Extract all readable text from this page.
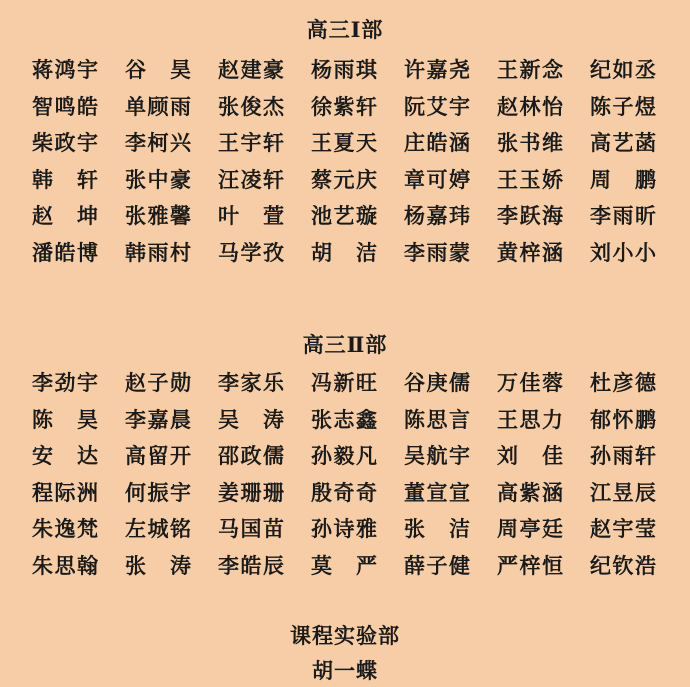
高三Ⅰ部
蒋鸿宇 谷昊 赵建豪 杨雨琪 许嘉尧 王新念 纪如丞
智鸣皓 单顾雨 张俊杰 徐紫轩 阮艾宇 赵林怡 陈子煜
柴政宇 李柯兴 王宇轩 王夏天 庄皓涵 张书维 高艺菡
韩轩 张中豪 汪凌轩 蔡元庆 章可婷 王玉娇 周鹏
赵坤 张雅馨 叶萱 池艺璇 杨嘉玮 李跃海 李雨昕
潘皓博 韩雨村 马学孜 胡洁 李雨蒙 黄梓涵 刘小小
高三Ⅱ部
李劲宇 赵子勋 李家乐 冯新旺 谷庚儒 万佳蓉 杜彦德
陈昊 李嘉晨 吴涛 张志鑫 陈思言 王思力 郁怀鹏
安达 高留开 邵政儒 孙毅凡 吴航宇 刘佳 孙雨轩
程际洲 何振宇 姜珊珊 殷奇奇 董宣宣 高紫涵 江昱辰
朱逸梵 左城铭 马国苗 孙诗雅 张洁 周亭廷 赵宇莹
朱思翰 张涛 李皓辰 莫严 薛子健 严梓恒 纪钦浩
课程实验部
胡一蝶
